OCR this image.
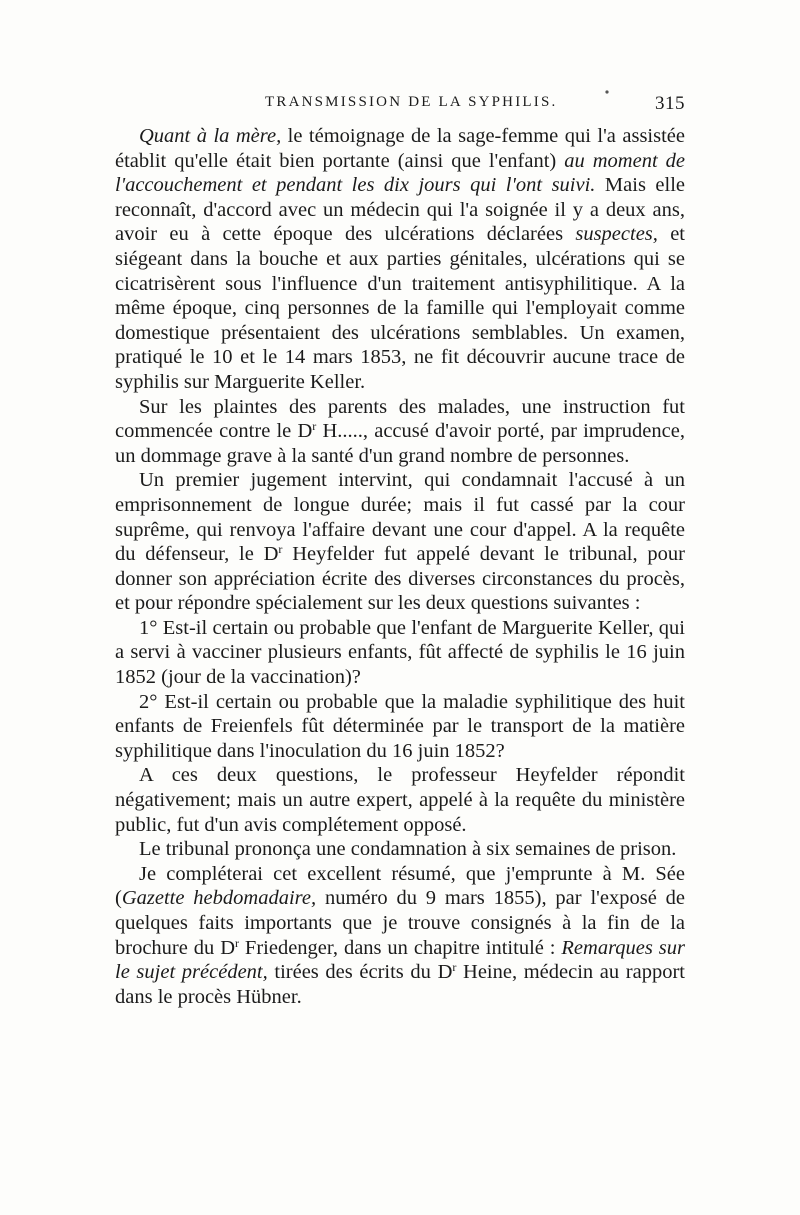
TRANSMISSION DE LA SYPHILIS.	315

Quant à la mère, le témoignage de la sage-femme qui l'a assistée établit qu'elle était bien portante (ainsi que l'enfant) au moment de l'accouchement et pendant les dix jours qui l'ont suivi. Mais elle reconnaît, d'accord avec un médecin qui l'a soignée il y a deux ans, avoir eu à cette époque des ulcérations déclarées suspectes, et siégeant dans la bouche et aux parties génitales, ulcérations qui se cicatrisèrent sous l'influence d'un traitement antisyphilitique. A la même époque, cinq personnes de la famille qui l'employait comme domestique présentaient des ulcérations semblables. Un examen, pratiqué le 10 et le 14 mars 1853, ne fit découvrir aucune trace de syphilis sur Marguerite Keller.

Sur les plaintes des parents des malades, une instruction fut commencée contre le $D^r$ H....., accusé d'avoir porté, par imprudence, un dommage grave à la santé d'un grand nombre de personnes.

Un premier jugement intervint, qui condamnait l'accusé à un emprisonnement de longue durée; mais il fut cassé par la cour suprême, qui renvoya l'affaire devant une cour d'appel. A la requête du défenseur, le $D^r$ Heyfelder fut appelé devant le tribunal, pour donner son appréciation écrite des diverses circonstances du procès, et pour répondre spécialement sur les deux questions suivantes :

1° Est-il certain ou probable que l'enfant de Marguerite Keller, qui a servi à vacciner plusieurs enfants, fût affecté de syphilis le 16 juin 1852 (jour de la vaccination)?

2° Est-il certain ou probable que la maladie syphilitique des huit enfants de Freienfels fût déterminée par le transport de la matière syphilitique dans l'inoculation du 16 juin 1852?

A ces deux questions, le professeur Heyfelder répondit négativement; mais un autre expert, appelé à la requête du ministère public, fut d'un avis complétement opposé.

Le tribunal prononça une condamnation à six semaines de prison.

Je compléterai cet excellent résumé, que j'emprunte à M. Sée (Gazette hebdomadaire, numéro du 9 mars 1855), par l'exposé de quelques faits importants que je trouve consignés à la fin de la brochure du $D^r$ Friedenger, dans un chapitre intitulé : Remarques sur le sujet précédent, tirées des écrits du $D^r$ Heine, médecin au rapport dans le procès Hübner.
